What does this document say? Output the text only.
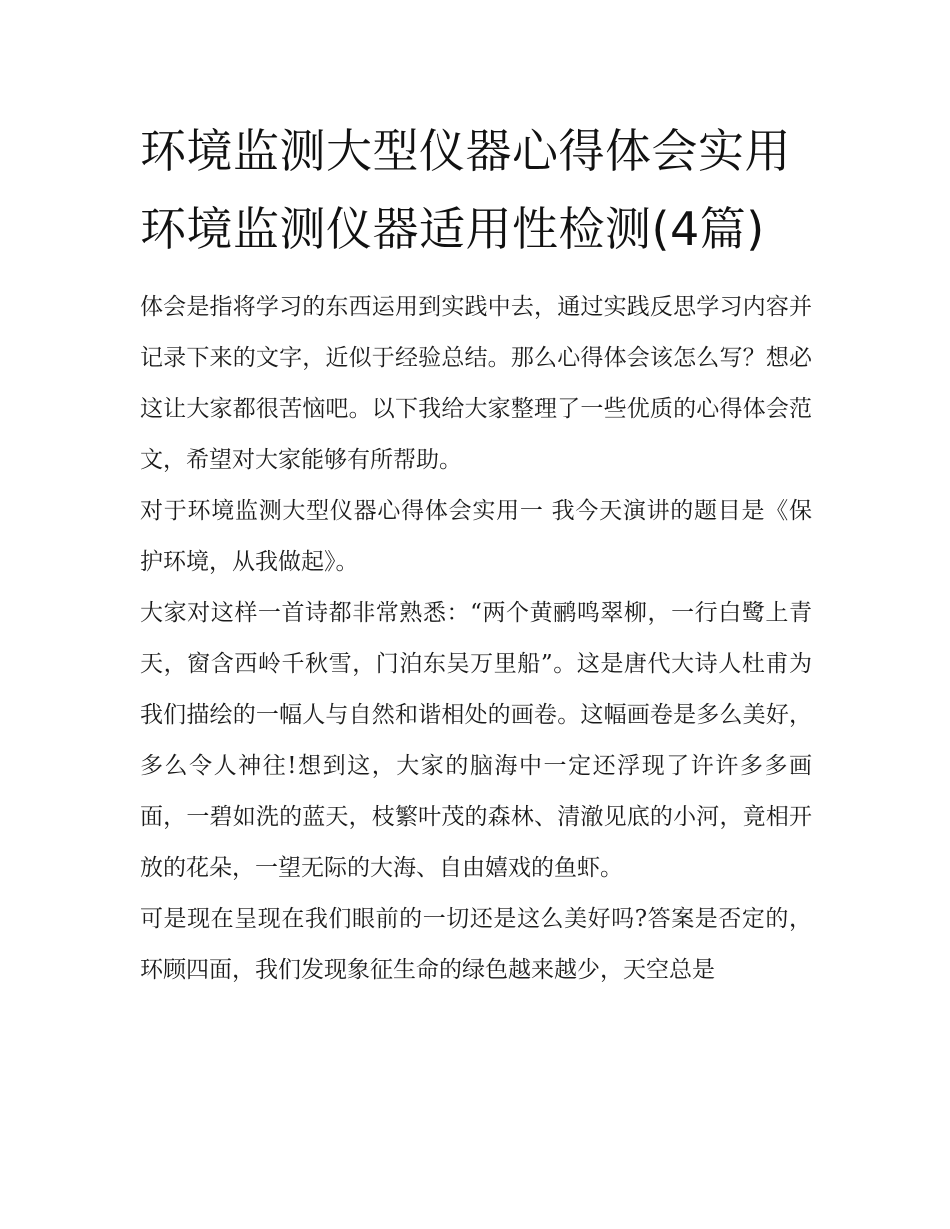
环境监测大型仪器心得体会实用 环境监测仪器适用性检测(4篇)

体会是指将学习的东西运用到实践中去，通过实践反思学习内容并记录下来的文字，近似于经验总结。那么心得体会该怎么写？想必这让大家都很苦恼吧。以下我给大家整理了一些优质的心得体会范文，希望对大家能够有所帮助。

对于环境监测大型仪器心得体会实用一 我今天演讲的题目是《保护环境，从我做起》。

大家对这样一首诗都非常熟悉：“两个黄鹂鸣翠柳，一行白鹭上青天，窗含西岭千秋雪，门泊东吴万里船”。这是唐代大诗人杜甫为我们描绘的一幅人与自然和谐相处的画卷。这幅画卷是多么美好，多么令人神往!想到这，大家的脑海中一定还浮现了许许多多画面，一碧如洗的蓝天，枝繁叶茂的森林、清澈见底的小河，竟相开放的花朵，一望无际的大海、自由嬉戏的鱼虾。

可是现在呈现在我们眼前的一切还是这么美好吗?答案是否定的，环顾四面，我们发现象征生命的绿色越来越少，天空总是
